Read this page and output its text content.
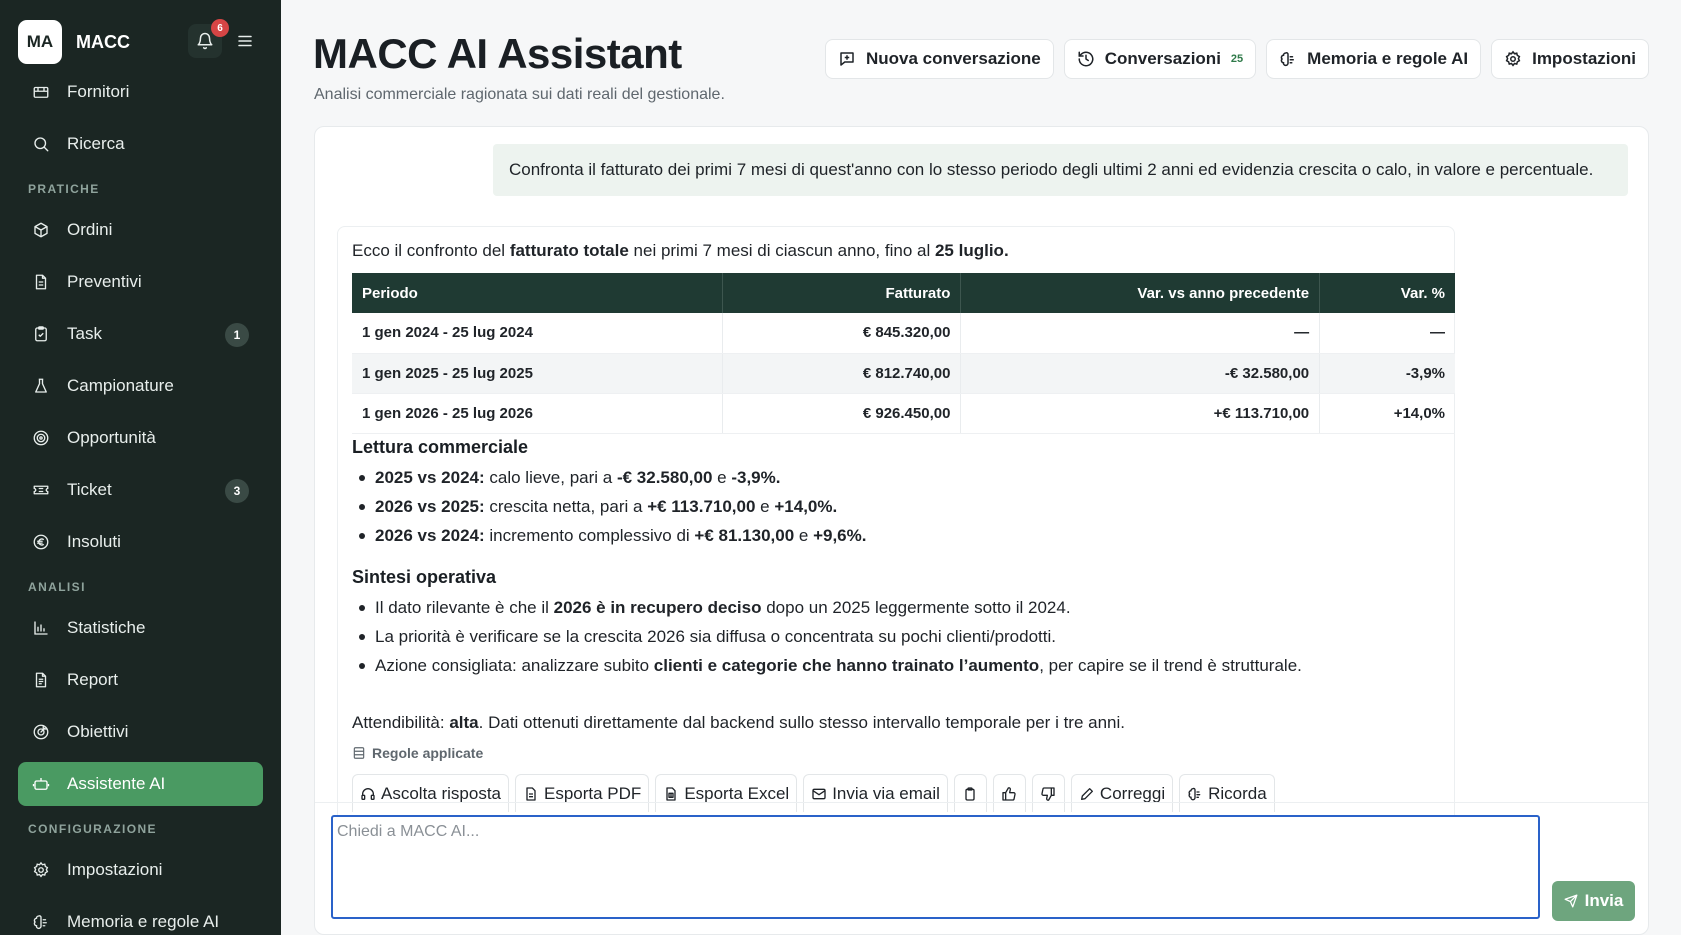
MA	MACC
6
Fornitori
Ricerca
PRATICHE
Ordini
Preventivi
Task	1
Campionature
Opportunità
Ticket	3
Insoluti
ANALISI
Statistiche
Report
Obiettivi
Assistente AI
CONFIGURAZIONE
Impostazioni
Memoria e regole AI
MACC AI Assistant
Analisi commerciale ragionata sui dati reali del gestionale.
Nuova conversazione	Conversazioni 25	Memoria e regole AI	Impostazioni
Confronta il fatturato dei primi 7 mesi di quest'anno con lo stesso periodo degli ultimi 2 anni ed evidenzia crescita o calo, in valore e percentuale.
Ecco il confronto del fatturato totale nei primi 7 mesi di ciascun anno, fino al 25 luglio.
Periodo	Fatturato	Var. vs anno precedente	Var. %
1 gen 2024 - 25 lug 2024	€ 845.320,00	—	—
1 gen 2025 - 25 lug 2025	€ 812.740,00	-€ 32.580,00	-3,9%
1 gen 2026 - 25 lug 2026	€ 926.450,00	+€ 113.710,00	+14,0%
Lettura commerciale
2025 vs 2024: calo lieve, pari a -€ 32.580,00 e -3,9%.
2026 vs 2025: crescita netta, pari a +€ 113.710,00 e +14,0%.
2026 vs 2024: incremento complessivo di +€ 81.130,00 e +9,6%.
Sintesi operativa
Il dato rilevante è che il 2026 è in recupero deciso dopo un 2025 leggermente sotto il 2024.
La priorità è verificare se la crescita 2026 sia diffusa o concentrata su pochi clienti/prodotti.
Azione consigliata: analizzare subito clienti e categorie che hanno trainato l’aumento, per capire se il trend è strutturale.
Attendibilità: alta. Dati ottenuti direttamente dal backend sullo stesso intervallo temporale per i tre anni.
Regole applicate
Ascolta risposta	Esporta PDF	Esporta Excel	Invia via email	Correggi	Ricorda
Chiedi a MACC AI...
Invia
